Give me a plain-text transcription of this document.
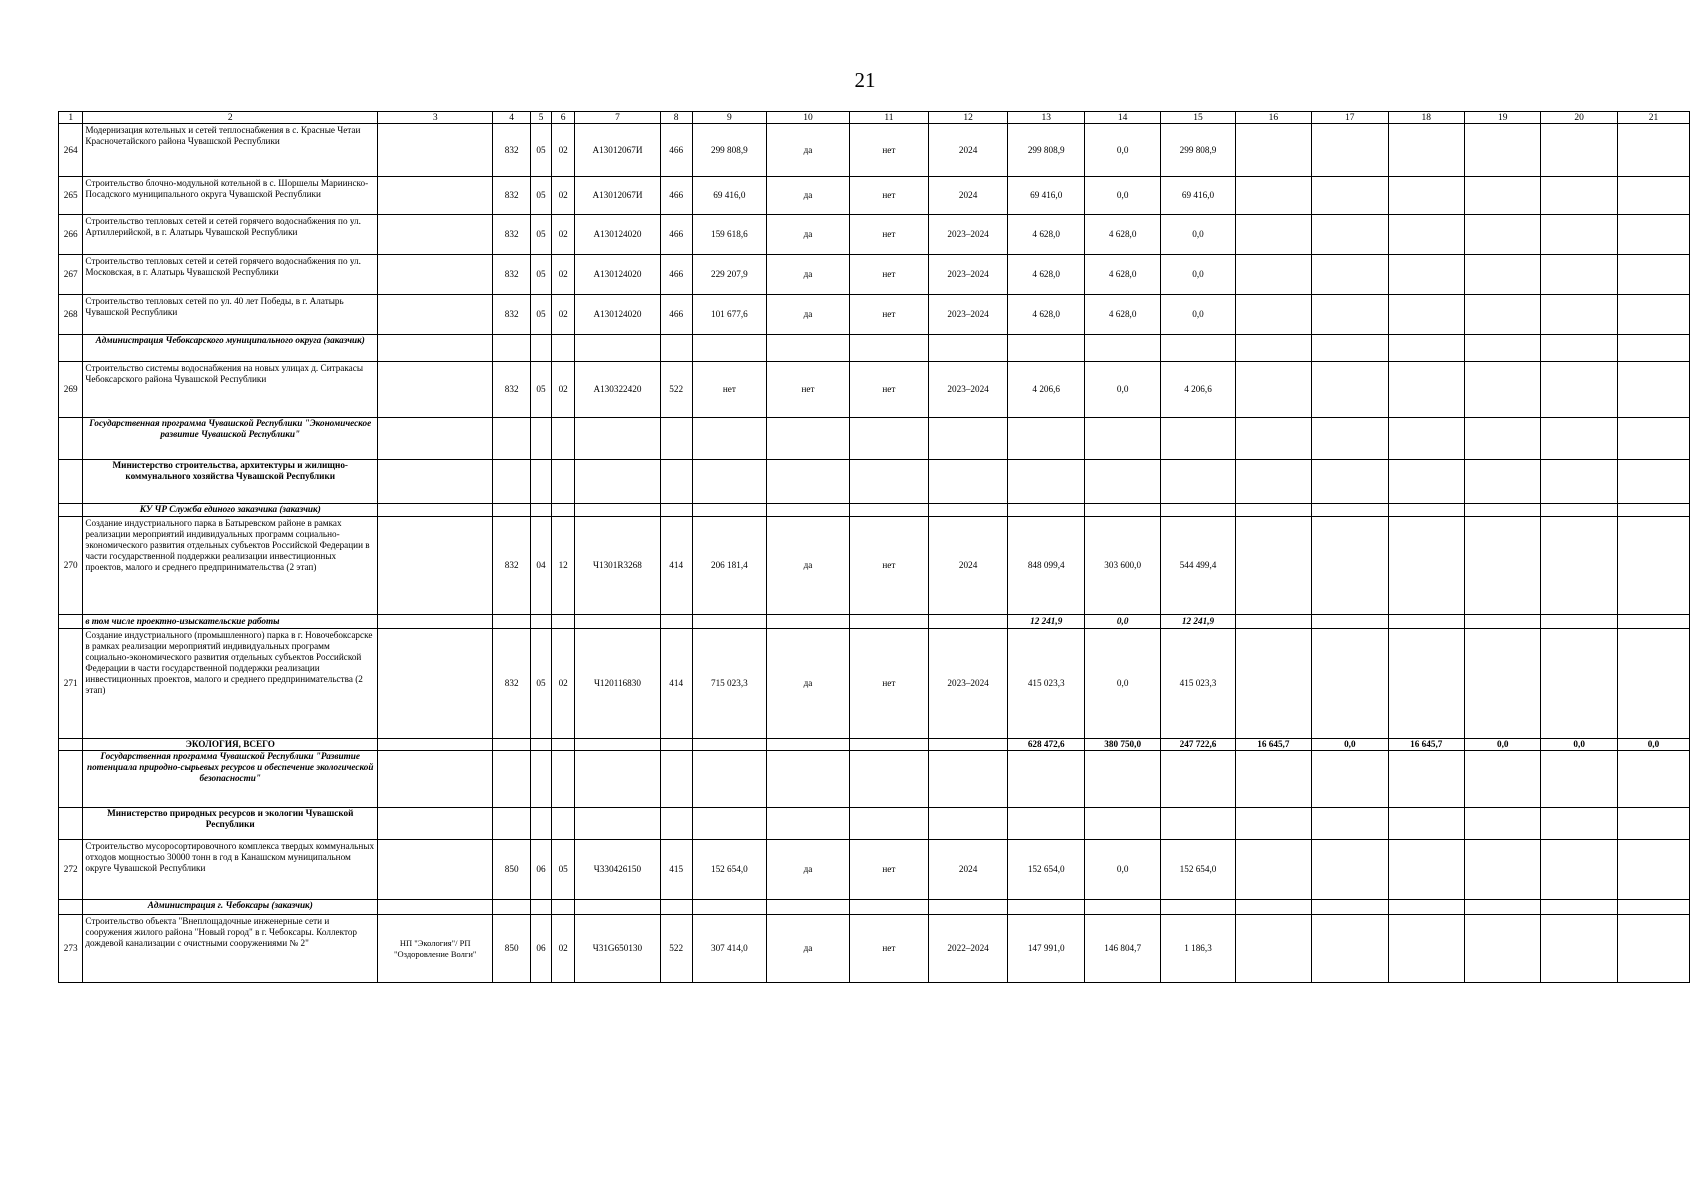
21
1	2	3	4	5	6	7	8	9	10	11	12	13	14	15	16	17	18	19	20	21
264	Модернизация котельных и сетей теплоснабжения в с. Красные Четаи Красночетайского района Чувашской Республики		832	05	02	А13012067И	466	299 808,9	да	нет	2024	299 808,9	0,0	299 808,9						
265	Строительство блочно-модульной котельной в с. Шоршелы Мариинско-Посадского муниципального округа Чувашской Республики		832	05	02	А13012067И	466	69 416,0	да	нет	2024	69 416,0	0,0	69 416,0						
266	Строительство тепловых сетей и сетей горячего водоснабжения по ул. Артиллерийской, в г. Алатырь Чувашской Республики		832	05	02	А130124020	466	159 618,6	да	нет	2023–2024	4 628,0	4 628,0	0,0						
267	Строительство тепловых сетей и сетей горячего водоснабжения по ул. Московская, в г. Алатырь Чувашской Республики		832	05	02	А130124020	466	229 207,9	да	нет	2023–2024	4 628,0	4 628,0	0,0						
268	Строительство тепловых сетей по ул. 40 лет Победы, в г. Алатырь Чувашской Республики		832	05	02	А130124020	466	101 677,6	да	нет	2023–2024	4 628,0	4 628,0	0,0						
	Администрация Чебоксарского муниципального округа (заказчик)																			
269	Строительство системы водоснабжения на новых улицах д. Ситракасы Чебоксарского района Чувашской Республики		832	05	02	А130322420	522	нет	нет	нет	2023–2024	4 206,6	0,0	4 206,6						
	Государственная программа Чувашской Республики "Экономическое развитие Чувашской Республики"																			
	Министерство строительства, архитектуры и жилищно-коммунального хозяйства Чувашской Республики																			
	КУ ЧР Служба единого заказчика (заказчик)																			
270	Создание индустриального парка в Батыревском районе в рамках реализации мероприятий индивидуальных программ социально-экономического развития отдельных субъектов Российской Федерации в части государственной поддержки реализации инвестиционных проектов, малого и среднего предпринимательства (2 этап)		832	04	12	Ч1301R3268	414	206 181,4	да	нет	2024	848 099,4	303 600,0	544 499,4						
	в том числе проектно-изыскательские работы											12 241,9	0,0	12 241,9						
271	Создание индустриального (промышленного) парка в г. Новочебоксарске в рамках реализации мероприятий индивидуальных программ социально-экономического развития отдельных субъектов Российской Федерации в части государственной поддержки реализации инвестиционных проектов, малого и среднего предпринимательства (2 этап)		832	05	02	Ч120116830	414	715 023,3	да	нет	2023–2024	415 023,3	0,0	415 023,3						
	ЭКОЛОГИЯ, ВСЕГО											628 472,6	380 750,0	247 722,6	16 645,7	0,0	16 645,7	0,0	0,0	0,0
	Государственная программа Чувашской Республики "Развитие потенциала природно-сырьевых ресурсов и обеспечение экологической безопасности"																			
	Министерство природных ресурсов и экологии Чувашской Республики																			
272	Строительство мусоросортировочного комплекса твердых коммунальных отходов мощностью 30000 тонн в год в Канашском муниципальном округе Чувашской Республики		850	06	05	Ч330426150	415	152 654,0	да	нет	2024	152 654,0	0,0	152 654,0						
	Администрация г. Чебоксары (заказчик)																			
273	Строительство объекта "Внеплощадочные инженерные сети и сооружения жилого района "Новый город" в г. Чебоксары. Коллектор дождевой канализации с очистными сооружениями № 2"	НП "Экология"/ РП "Оздоровление Волги"	850	06	02	Ч31G650130	522	307 414,0	да	нет	2022–2024	147 991,0	146 804,7	1 186,3						
